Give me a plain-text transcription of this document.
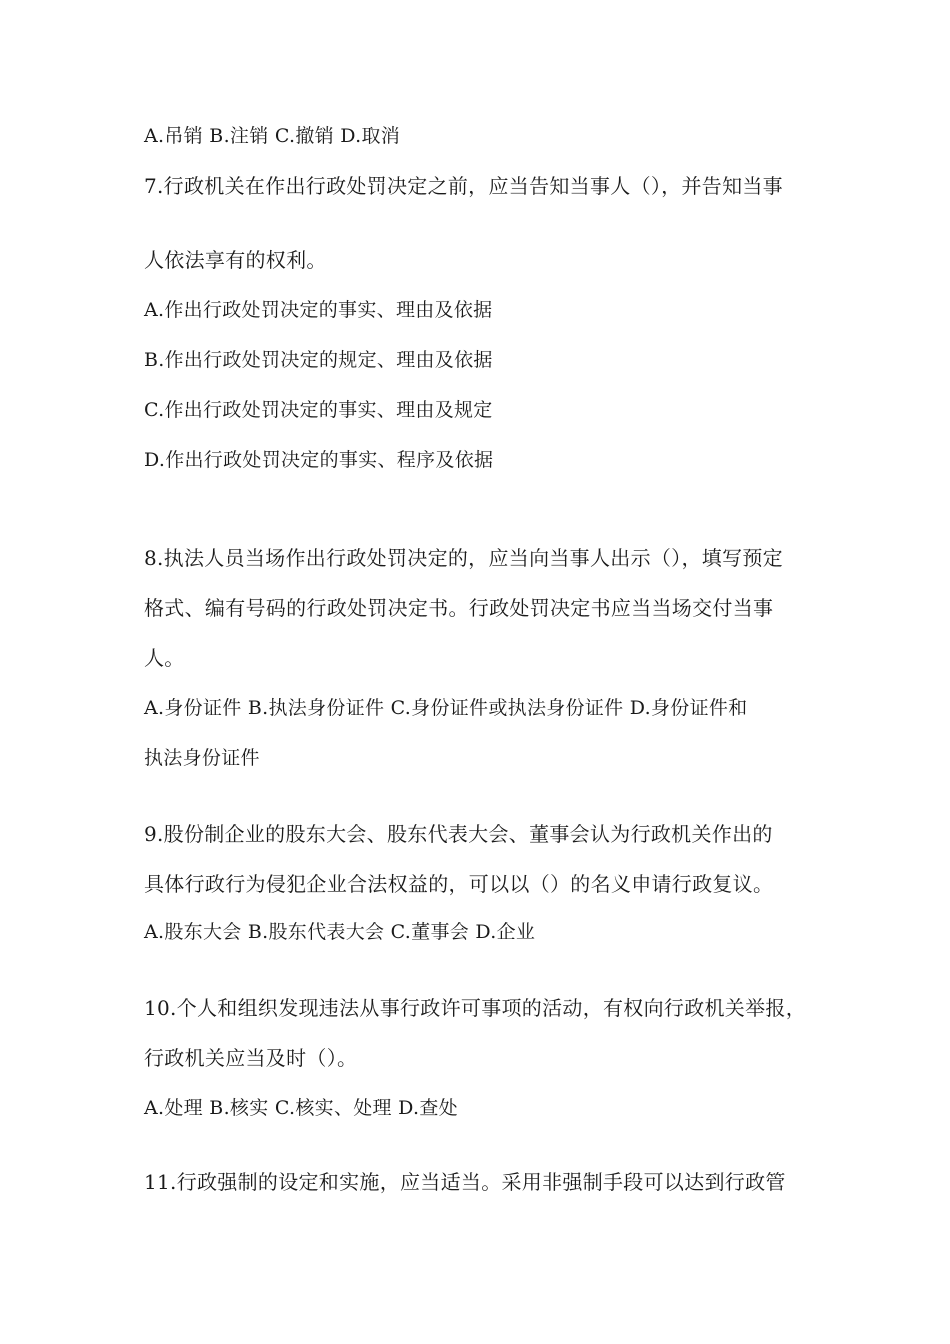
A.吊销 B.注销 C.撤销 D.取消
7.行政机关在作出行政处罚决定之前，应当告知当事人（），并告知当事
人依法享有的权利。
A.作出行政处罚决定的事实、理由及依据
B.作出行政处罚决定的规定、理由及依据
C.作出行政处罚决定的事实、理由及规定
D.作出行政处罚决定的事实、程序及依据
8.执法人员当场作出行政处罚决定的，应当向当事人出示（），填写预定
格式、编有号码的行政处罚决定书。行政处罚决定书应当当场交付当事
人。
A.身份证件 B.执法身份证件 C.身份证件或执法身份证件 D.身份证件和
执法身份证件
9.股份制企业的股东大会、股东代表大会、董事会认为行政机关作出的
具体行政行为侵犯企业合法权益的，可以以（）的名义申请行政复议。
A.股东大会 B.股东代表大会 C.董事会 D.企业
10.个人和组织发现违法从事行政许可事项的活动，有权向行政机关举报，
行政机关应当及时（）。
A.处理 B.核实 C.核实、处理 D.查处
11.行政强制的设定和实施，应当适当。采用非强制手段可以达到行政管
